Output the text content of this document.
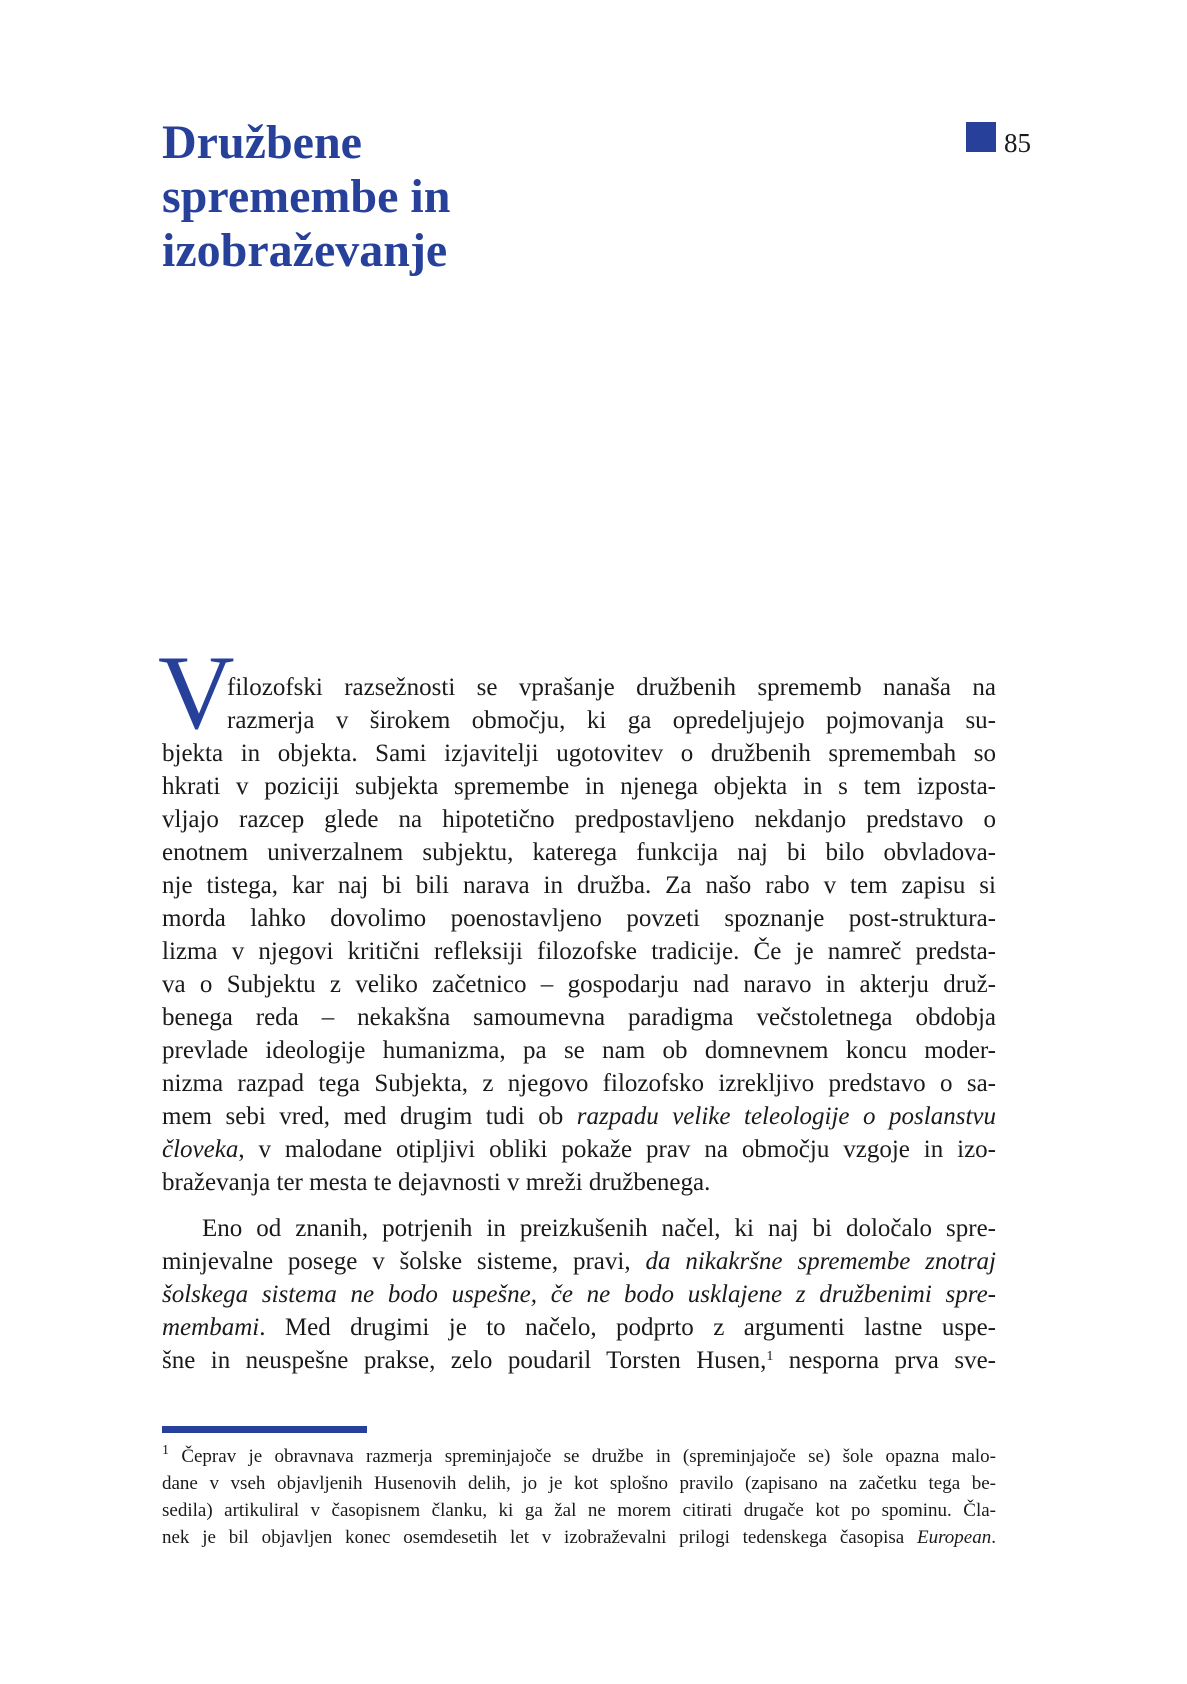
Družbene
spremembe in
izobraževanje

85

V

filozofski razsežnosti se vprašanje družbenih sprememb nanaša na
razmerja v širokem območju, ki ga opredeljujejo pojmovanja su-
bjekta in objekta. Sami izjavitelji ugotovitev o družbenih spremembah so
hkrati v poziciji subjekta spremembe in njenega objekta in s tem izposta-
vljajo razcep glede na hipotetično predpostavljeno nekdanjo predstavo o
enotnem univerzalnem subjektu, katerega funkcija naj bi bilo obvladova-
nje tistega, kar naj bi bili narava in družba. Za našo rabo v tem zapisu si
morda lahko dovolimo poenostavljeno povzeti spoznanje post-struktura-
lizma v njegovi kritični refleksiji filozofske tradicije. Če je namreč predsta-
va o Subjektu z veliko začetnico – gospodarju nad naravo in akterju druž-
benega reda – nekakšna samoumevna paradigma večstoletnega obdobja
prevlade ideologije humanizma, pa se nam ob domnevnem koncu moder-
nizma razpad tega Subjekta, z njegovo filozofsko izrekljivo predstavo o sa-
mem sebi vred, med drugim tudi ob razpadu velike teleologije o poslanstvu
človeka, v malodane otipljivi obliki pokaže prav na območju vzgoje in izo-
braževanja ter mesta te dejavnosti v mreži družbenega.
Eno od znanih, potrjenih in preizkušenih načel, ki naj bi določalo spre-
minjevalne posege v šolske sisteme, pravi, da nikakršne spremembe znotraj
šolskega sistema ne bodo uspešne, če ne bodo usklajene z družbenimi spre-
membami. Med drugimi je to načelo, podprto z argumenti lastne uspe-
šne in neuspešne prakse, zelo poudaril Torsten Husen,$^1$ nesporna prva sve-
$^1$ Čeprav je obravnava razmerja spreminjajoče se družbe in (spreminjajoče se) šole opazna malo-
dane v vseh objavljenih Husenovih delih, jo je kot splošno pravilo (zapisano na začetku tega be-
sedila) artikuliral v časopisnem članku, ki ga žal ne morem citirati drugače kot po spominu. Čla-
nek je bil objavljen konec osemdesetih let v izobraževalni prilogi tedenskega časopisa European.
